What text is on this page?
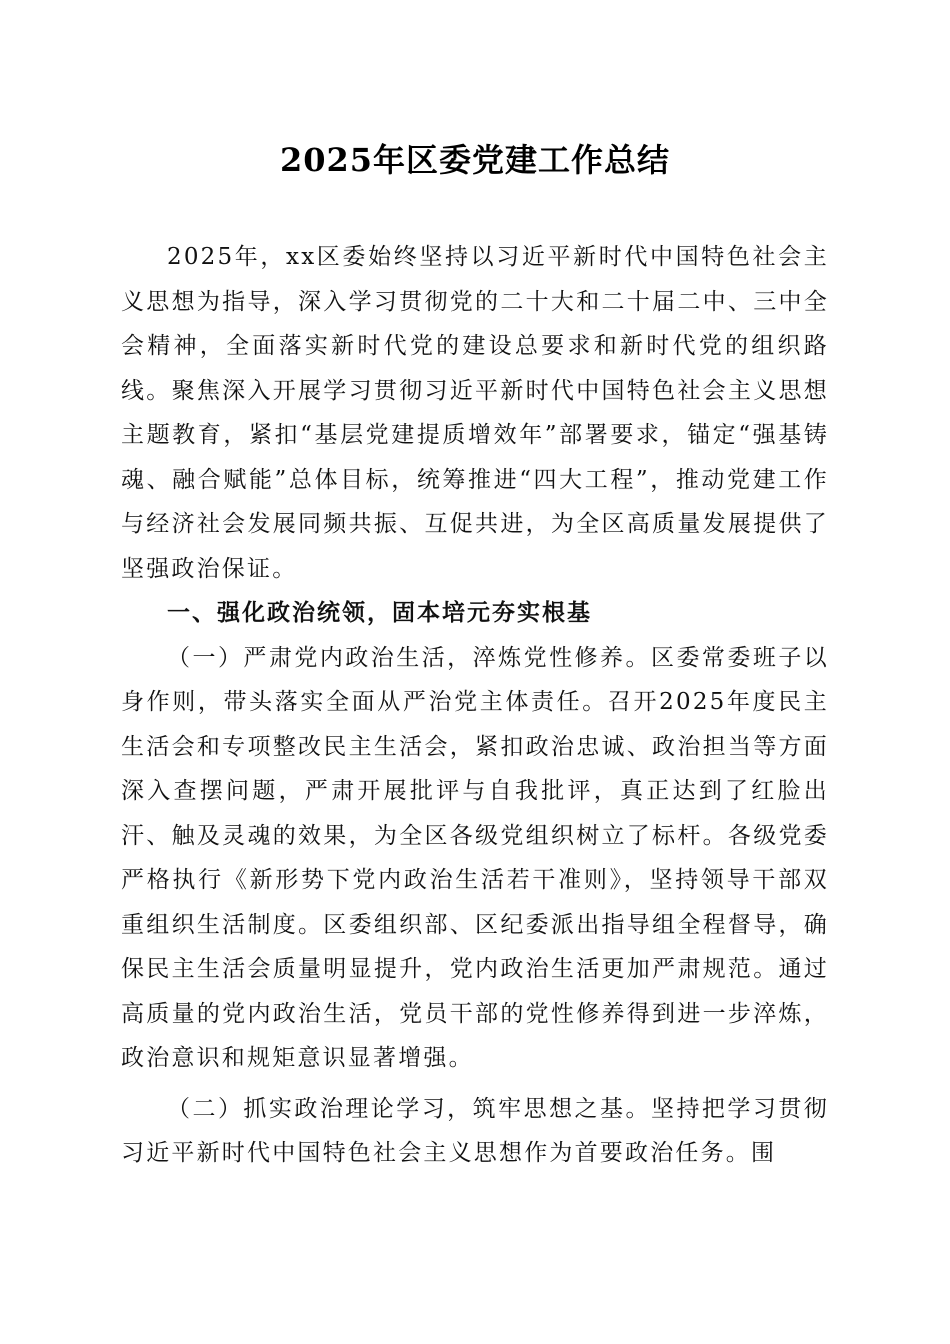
2025年区委党建工作总结

2025年，xx区委始终坚持以习近平新时代中国特色社会主义思想为指导，深入学习贯彻党的二十大和二十届二中、三中全会精神，全面落实新时代党的建设总要求和新时代党的组织路线。聚焦深入开展学习贯彻习近平新时代中国特色社会主义思想主题教育，紧扣“基层党建提质增效年”部署要求，锚定“强基铸魂、融合赋能”总体目标，统筹推进“四大工程”，推动党建工作与经济社会发展同频共振、互促共进，为全区高质量发展提供了坚强政治保证。

一、强化政治统领，固本培元夯实根基

（一）严肃党内政治生活，淬炼党性修养。区委常委班子以身作则，带头落实全面从严治党主体责任。召开2025年度民主生活会和专项整改民主生活会，紧扣政治忠诚、政治担当等方面深入查摆问题，严肃开展批评与自我批评，真正达到了红脸出汗、触及灵魂的效果，为全区各级党组织树立了标杆。各级党委严格执行《新形势下党内政治生活若干准则》，坚持领导干部双重组织生活制度。区委组织部、区纪委派出指导组全程督导，确保民主生活会质量明显提升，党内政治生活更加严肃规范。通过高质量的党内政治生活，党员干部的党性修养得到进一步淬炼，政治意识和规矩意识显著增强。

（二）抓实政治理论学习，筑牢思想之基。坚持把学习贯彻习近平新时代中国特色社会主义思想作为首要政治任务。围
